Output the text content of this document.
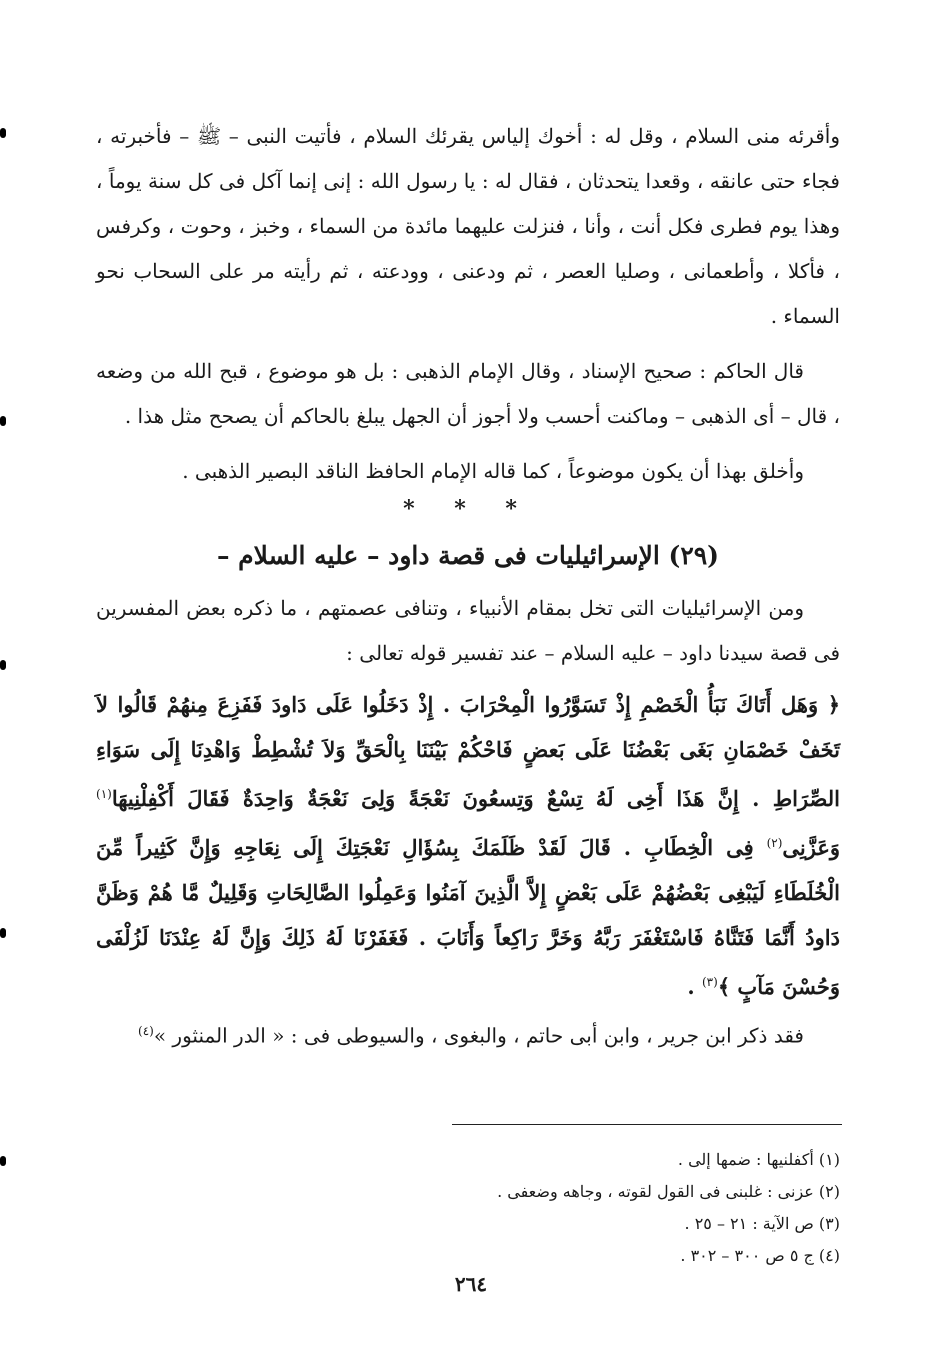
وأقرئه منى السلام ، وقل له : أخوك إلياس يقرئك السلام ، فأتيت النبى – ﷺ – فأخبرته ، فجاء حتى عانقه ، وقعدا يتحدثان ، فقال له : يا رسول الله : إنى إنما آكل فى كل سنة يوماً ، وهذا يوم فطرى فكل أنت ، وأنا ، فنزلت عليهما مائدة من السماء ، وخبز ، وحوت ، وكرفس ، فأكلا ، وأطعمانى ، وصليا العصر ، ثم ودعنى ، وودعته ، ثم رأيته مر على السحاب نحو السماء .

قال الحاكم : صحيح الإسناد ، وقال الإمام الذهبى : بل هو موضوع ، قبح الله من وضعه ، قال – أى الذهبى – وماكنت أحسب ولا أجوز أن الجهل يبلغ بالحاكم أن يصحح مثل هذا .

وأخلق بهذا أن يكون موضوعاً ، كما قاله الإمام الحافظ الناقد البصير الذهبى .

* * *

(٢٩) الإسرائيليات فى قصة داود – عليه السلام –

ومن الإسرائيليات التى تخل بمقام الأنبياء ، وتنافى عصمتهم ، ما ذكره بعض المفسرين فى قصة سيدنا داود – عليه السلام – عند تفسير قوله تعالى :

﴿ وَهَل أَتَاكَ نَبَأُ الْخَصْمِ إِذْ تَسَوَّرُوا الْمِحْرَابَ . إِذْ دَخَلُوا عَلَى دَاودَ فَفَزِعَ مِنهُمْ قَالُوا لاَ تَخَفْ خَصْمَانِ بَغَى بَعْضُنَا عَلَى بَعضٍ فَاحْكُمْ بَيْنَنَا بِالْحَقِّ وَلاَ تُشْطِطْ وَاهْدِنَا إِلَى سَوَاءِ الصِّرَاطِ . إِنَّ هَذَا أَخِى لَهُ تِسْعٌ وَتِسعُونَ نَعْجَةً وَلِىَ نَعْجَةٌ وَاحِدَةٌ فَقَالَ أَكْفِلْنِيهَا$^{(١)}$ وَعَزَّنِى$^{(٢)}$ فِى الْخِطَابِ . قَالَ لَقَدْ ظَلَمَكَ بِسُؤَالِ نَعْجَتِكَ إِلَى نِعَاجِهِ وَإِنَّ كَثِيراً مِّنَ الْخُلَطَاءِ لَيَبْغِى بَعْضُهُمْ عَلَى بَعْضٍ إِلاَّ الَّذِينَ آمَنُوا وَعَمِلُوا الصَّالِحَاتِ وَقَلِيلٌ مَّا هُمْ وَظَنَّ دَاودُ أَنَّمَا فَتَنَّاهُ فَاسْتَغْفَرَ رَبَّهُ وَخَرَّ رَاكِعاً وَأَنَابَ . فَغَفَرْنَا لَهُ ذَلِكَ وَإِنَّ لَهُ عِنْدَنَا لَزُلْفَى وَحُسْنَ مَآبٍ ﴾$^{(٣)}$ .

فقد ذكر ابن جرير ، وابن أبى حاتم ، والبغوى ، والسيوطى فى : « الدر المنثور »$^{(٤)}$

(١) أكفلنيها : ضمها إلى .

(٢) عزنى : غلبنى فى القول لقوته ، وجاهه وضعفى .

(٣) ص الآية : ٢١ – ٢٥ .

(٤) ج ٥ ص ٣٠٠ – ٣٠٢ .

٢٦٤
